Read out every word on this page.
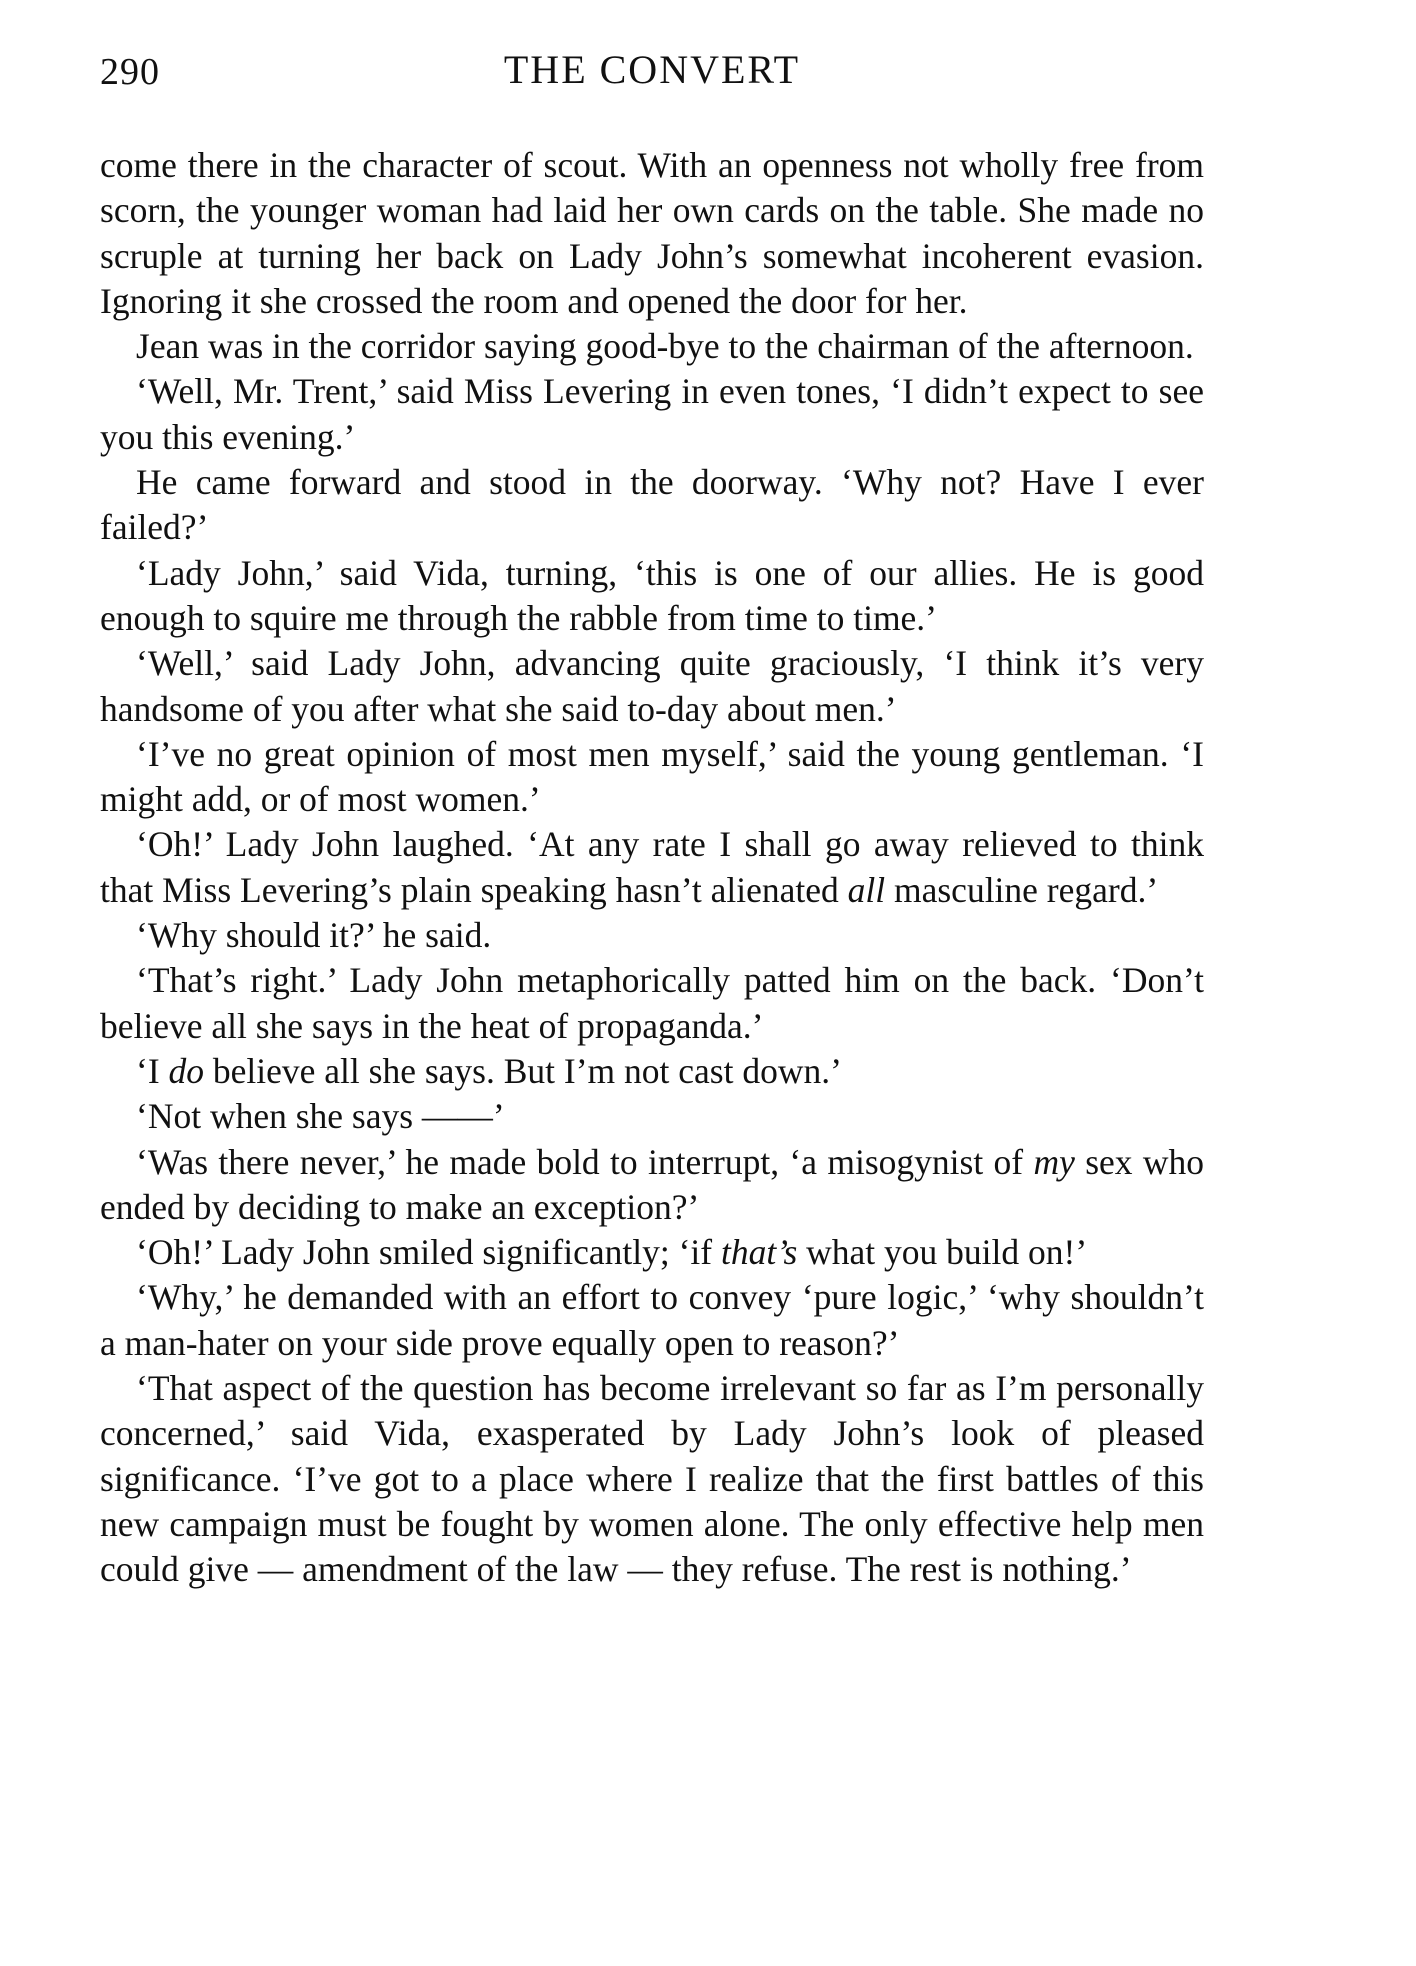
290	THE CONVERT

come there in the character of scout. With an openness not wholly free from scorn, the younger woman had laid her own cards on the table. She made no scruple at turning her back on Lady John’s somewhat incoherent evasion. Ignoring it she crossed the room and opened the door for her.

Jean was in the corridor saying good-bye to the chairman of the afternoon.

‘Well, Mr. Trent,’ said Miss Levering in even tones, ‘I didn’t expect to see you this evening.’

He came forward and stood in the doorway. ‘Why not? Have I ever failed?’

‘Lady John,’ said Vida, turning, ‘this is one of our allies. He is good enough to squire me through the rabble from time to time.’

‘Well,’ said Lady John, advancing quite graciously, ‘I think it’s very handsome of you after what she said to-day about men.’

‘I’ve no great opinion of most men myself,’ said the young gentleman. ‘I might add, or of most women.’

‘Oh!’ Lady John laughed. ‘At any rate I shall go away relieved to think that Miss Levering’s plain speaking hasn’t alienated all masculine regard.’

‘Why should it?’ he said.

‘That’s right.’ Lady John metaphorically patted him on the back. ‘Don’t believe all she says in the heat of propaganda.’

‘I do believe all she says. But I’m not cast down.’

‘Not when she says ——’

‘Was there never,’ he made bold to interrupt, ‘a misogynist of my sex who ended by deciding to make an exception?’

‘Oh!’ Lady John smiled significantly; ‘if that’s what you build on!’

‘Why,’ he demanded with an effort to convey ‘pure logic,’ ‘why shouldn’t a man-hater on your side prove equally open to reason?’

‘That aspect of the question has become irrelevant so far as I’m personally concerned,’ said Vida, exasperated by Lady John’s look of pleased significance. ‘I’ve got to a place where I realize that the first battles of this new campaign must be fought by women alone. The only effective help men could give — amendment of the law — they refuse. The rest is nothing.’
